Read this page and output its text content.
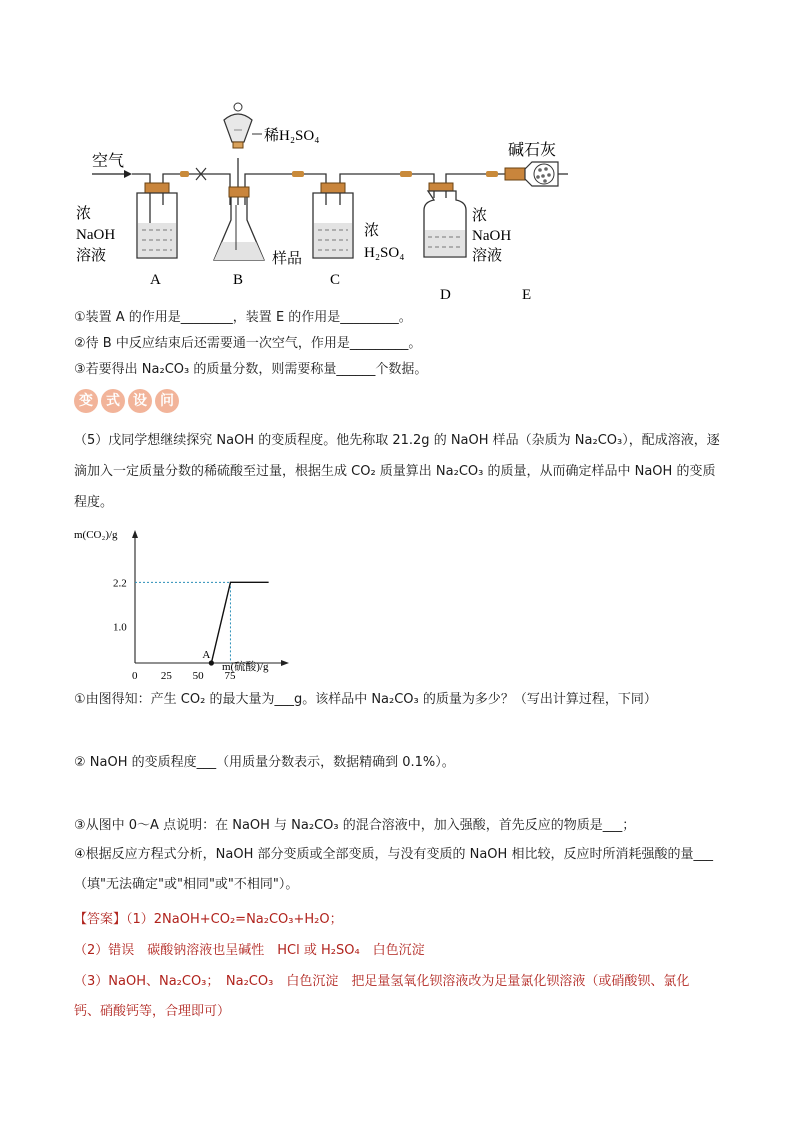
空气
浓
NaOH
溶液
稀H₂SO₄
样品
浓
H₂SO₄
浓
NaOH
溶液
碱石灰
A	B	C
D	E
①装置 A 的作用是________，装置 E 的作用是_________。
②待 B 中反应结束后还需要通一次空气，作用是_________。
③若要得出 Na₂CO₃ 的质量分数，则需要称量______个数据。
变 式 设 问
（5）戊同学想继续探究 NaOH 的变质程度。他先称取 21.2g 的 NaOH 样品（杂质为 Na₂CO₃），配成溶液，逐滴加入一定质量分数的稀硫酸至过量，根据生成 CO₂ 质量算出 Na₂CO₃ 的质量，从而确定样品中 NaOH 的变质程度。
m(CO₂)/g
m(硫酸)/g
0 25 50 75
1.0
2.2
A
①由图得知：产生 CO₂ 的最大量为___g。该样品中 Na₂CO₃ 的质量为多少？（写出计算过程，下同）
② NaOH 的变质程度___（用质量分数表示，数据精确到 0.1%）。
③从图中 0～A 点说明：在 NaOH 与 Na₂CO₃ 的混合溶液中，加入强酸，首先反应的物质是___；
④根据反应方程式分析，NaOH 部分变质或全部变质，与没有变质的 NaOH 相比较，反应时所消耗强酸的量___（填"无法确定"或"相同"或"不相同"）。
【答案】（1）2NaOH+CO₂=Na₂CO₃+H₂O；
（2）错误　碳酸钠溶液也呈碱性　HCl 或 H₂SO₄　白色沉淀
（3）NaOH、Na₂CO₃；　Na₂CO₃　白色沉淀　把足量氢氧化钡溶液改为足量氯化钡溶液（或硝酸钡、氯化
钙、硝酸钙等，合理即可）
